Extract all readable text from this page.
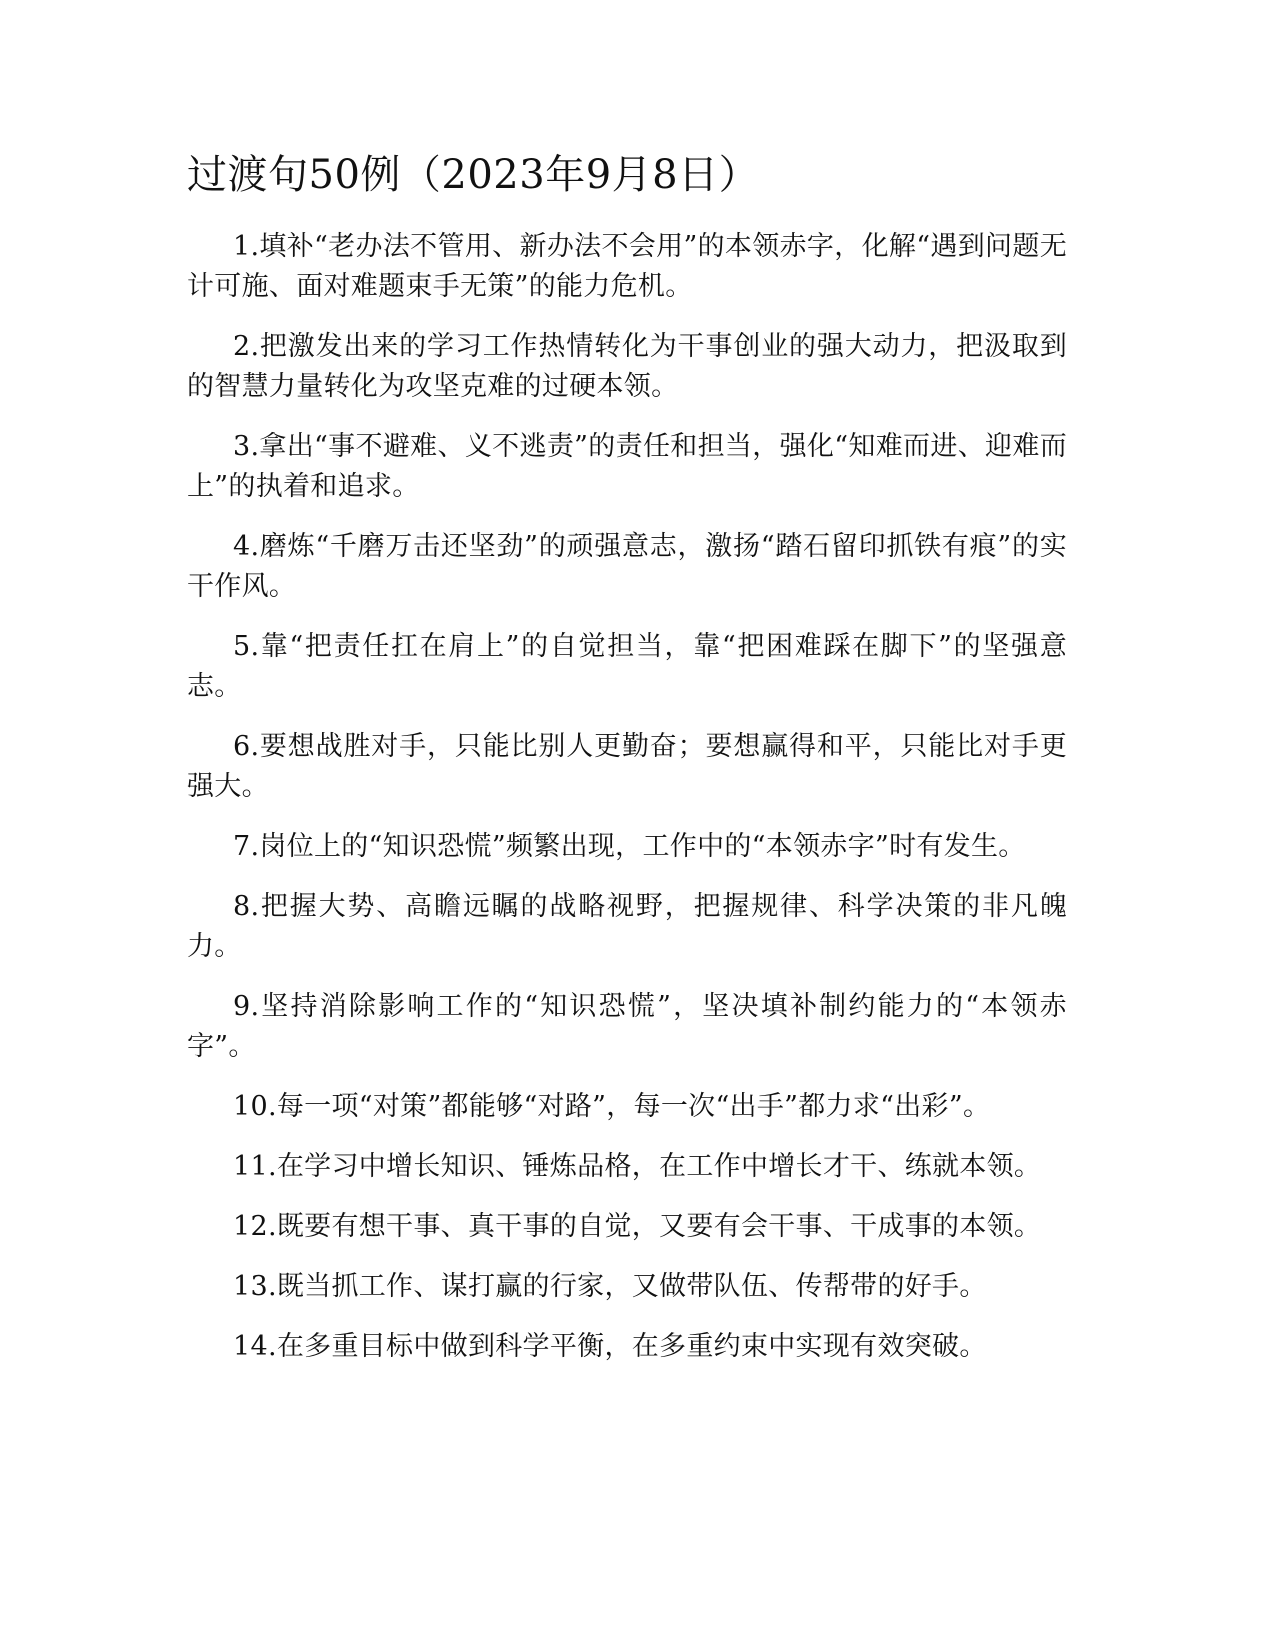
过渡句50例（2023年9月8日）
1.填补“老办法不管用、新办法不会用”的本领赤字，化解“遇到问题无计可施、面对难题束手无策”的能力危机。
2.把激发出来的学习工作热情转化为干事创业的强大动力，把汲取到的智慧力量转化为攻坚克难的过硬本领。
3.拿出“事不避难、义不逃责”的责任和担当，强化“知难而进、迎难而上”的执着和追求。
4.磨炼“千磨万击还坚劲”的顽强意志，激扬“踏石留印抓铁有痕”的实干作风。
5.靠“把责任扛在肩上”的自觉担当，靠“把困难踩在脚下”的坚强意志。
6.要想战胜对手，只能比别人更勤奋；要想赢得和平，只能比对手更强大。
7.岗位上的“知识恐慌”频繁出现，工作中的“本领赤字”时有发生。
8.把握大势、高瞻远瞩的战略视野，把握规律、科学决策的非凡魄力。
9.坚持消除影响工作的“知识恐慌”，坚决填补制约能力的“本领赤字”。
10.每一项“对策”都能够“对路”，每一次“出手”都力求“出彩”。
11.在学习中增长知识、锤炼品格，在工作中增长才干、练就本领。
12.既要有想干事、真干事的自觉，又要有会干事、干成事的本领。
13.既当抓工作、谋打赢的行家，又做带队伍、传帮带的好手。
14.在多重目标中做到科学平衡，在多重约束中实现有效突破。
